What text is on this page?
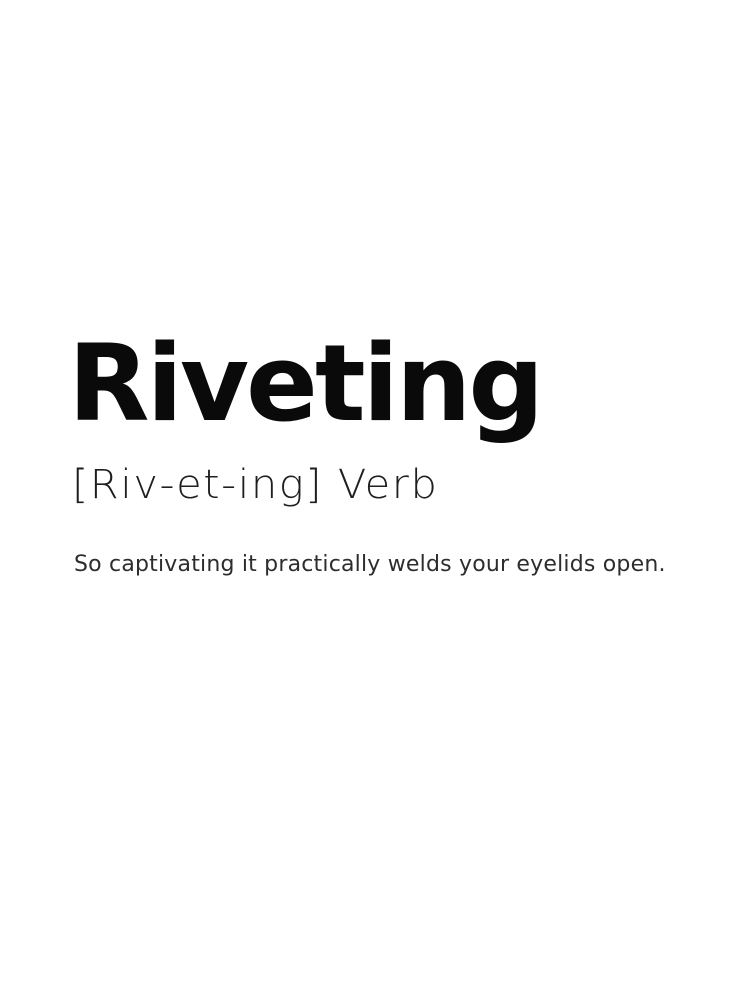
Riveting
[Riv-et-ing] Verb
So captivating it practically welds your eyelids open.
